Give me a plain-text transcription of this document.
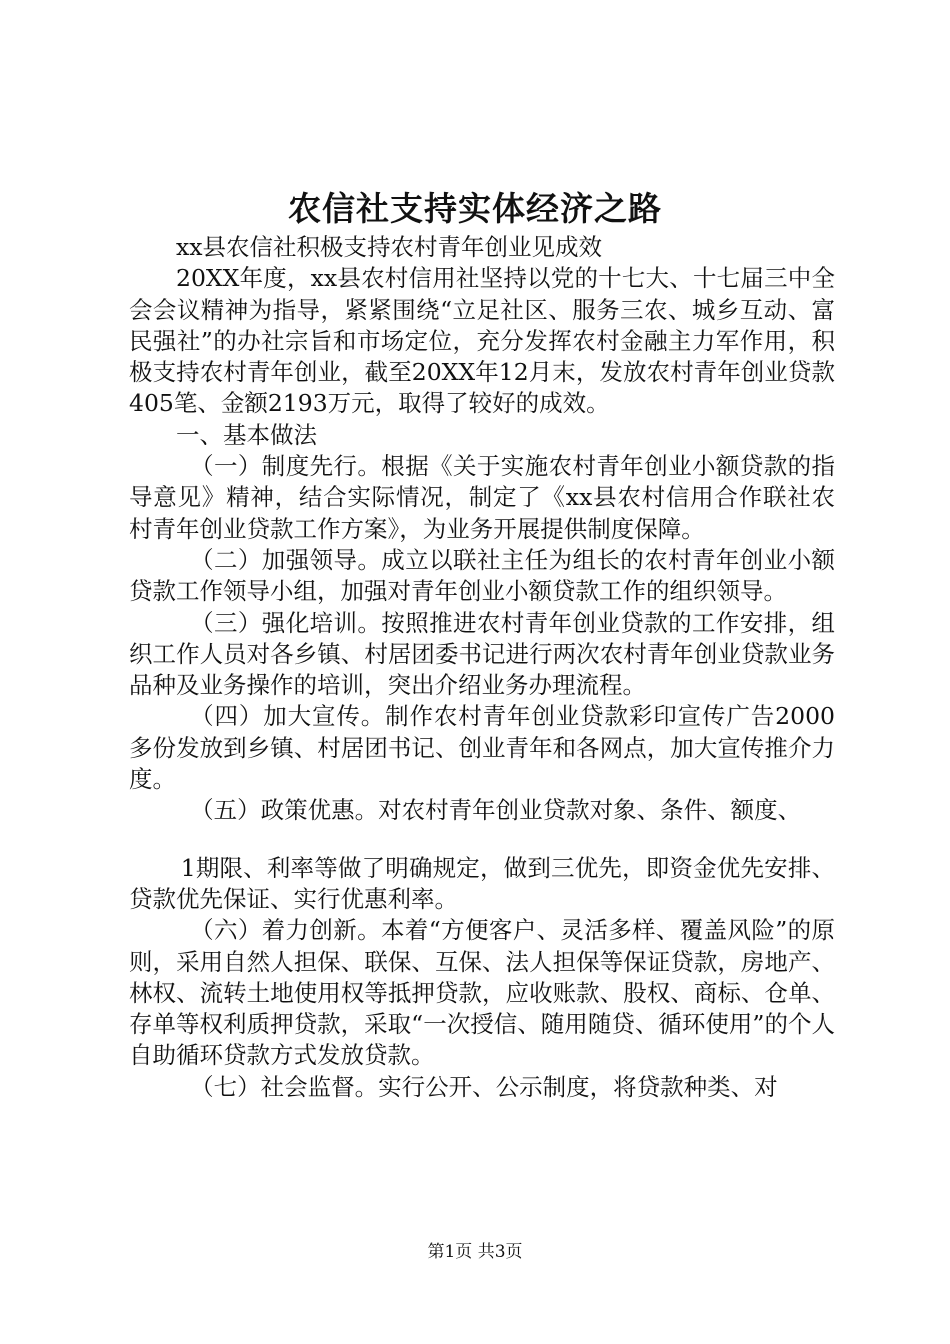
农信社支持实体经济之路

xx县农信社积极支持农村青年创业见成效

20XX年度，xx县农村信用社坚持以党的十七大、十七届三中全会会议精神为指导，紧紧围绕“立足社区、服务三农、城乡互动、富民强社”的办社宗旨和市场定位，充分发挥农村金融主力军作用，积极支持农村青年创业，截至20XX年12月末，发放农村青年创业贷款405笔、金额2193万元，取得了较好的成效。

一、基本做法

（一）制度先行。根据《关于实施农村青年创业小额贷款的指导意见》精神，结合实际情况，制定了《xx县农村信用合作联社农村青年创业贷款工作方案》，为业务开展提供制度保障。

（二）加强领导。成立以联社主任为组长的农村青年创业小额贷款工作领导小组，加强对青年创业小额贷款工作的组织领导。

（三）强化培训。按照推进农村青年创业贷款的工作安排，组织工作人员对各乡镇、村居团委书记进行两次农村青年创业贷款业务品种及业务操作的培训，突出介绍业务办理流程。

（四）加大宣传。制作农村青年创业贷款彩印宣传广告2000多份发放到乡镇、村居团书记、创业青年和各网点，加大宣传推介力度。

（五）政策优惠。对农村青年创业贷款对象、条件、额度、

1期限、利率等做了明确规定，做到三优先，即资金优先安排、贷款优先保证、实行优惠利率。

（六）着力创新。本着“方便客户、灵活多样、覆盖风险”的原则，采用自然人担保、联保、互保、法人担保等保证贷款，房地产、林权、流转土地使用权等抵押贷款，应收账款、股权、商标、仓单、存单等权利质押贷款，采取“一次授信、随用随贷、循环使用”的个人自助循环贷款方式发放贷款。

（七）社会监督。实行公开、公示制度，将贷款种类、对

第1页 共3页
